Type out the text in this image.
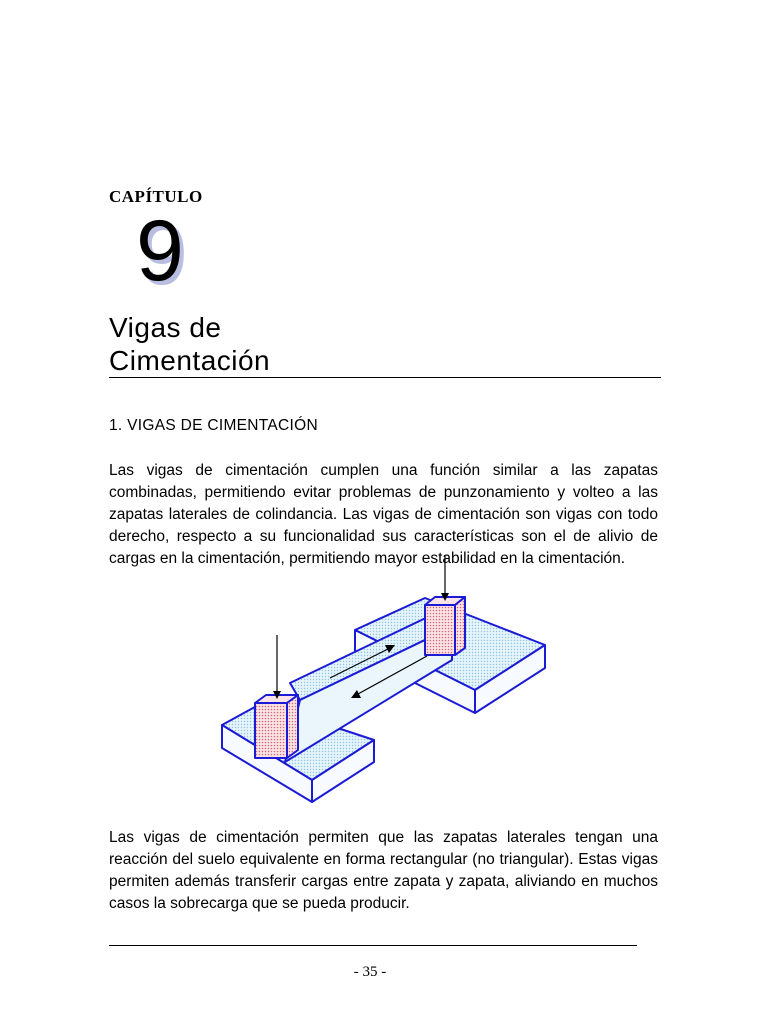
CAPÍTULO
9
Vigas de
Cimentación
1. VIGAS DE CIMENTACIÓN

Las vigas de cimentación cumplen una función similar a las zapatas combinadas, permitiendo evitar problemas de punzonamiento y volteo a las zapatas laterales de colindancia. Las vigas de cimentación son vigas con todo derecho, respecto a su funcionalidad sus características son el de alivio de cargas en la cimentación, permitiendo mayor estabilidad en la cimentación.

Las vigas de cimentación permiten que las zapatas laterales tengan una reacción del suelo equivalente en forma rectangular (no triangular). Estas vigas permiten además transferir cargas entre zapata y zapata, aliviando en muchos casos la sobrecarga que se pueda producir.

- 35 -
